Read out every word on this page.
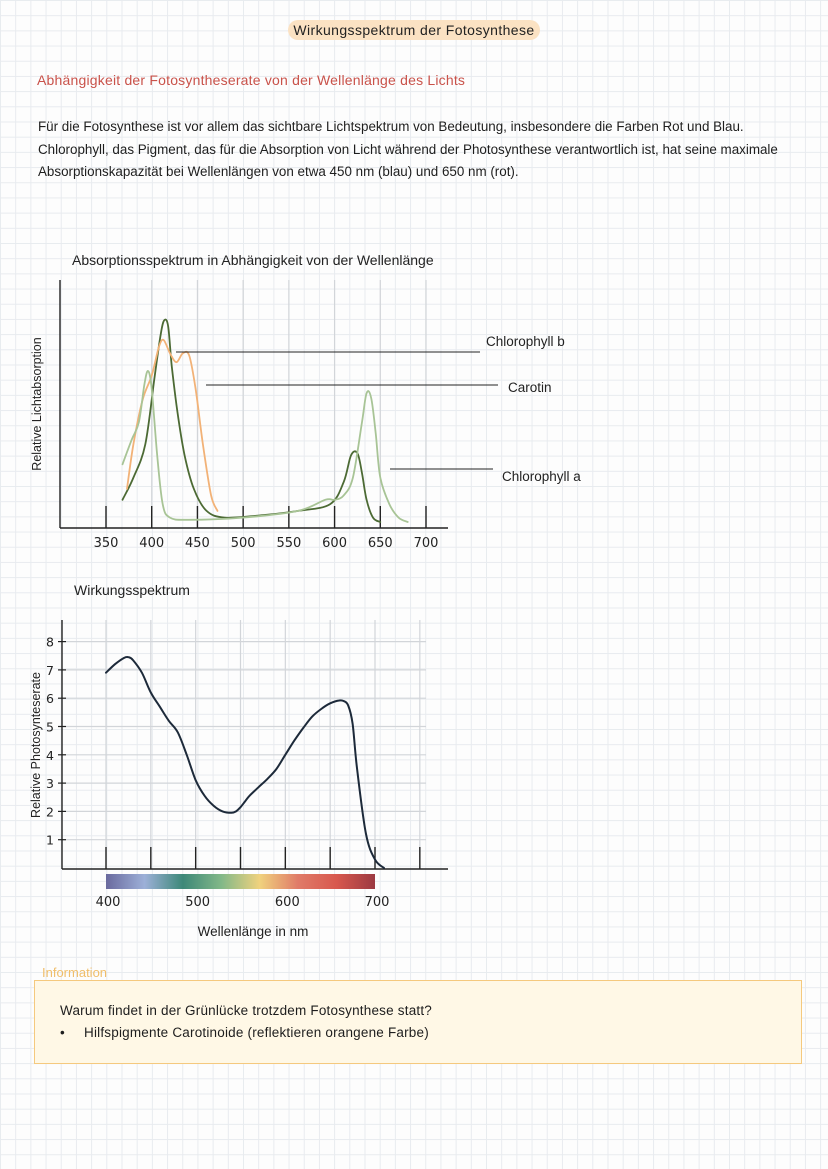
Wirkungsspektrum der Fotosynthese
Abhängigkeit der Fotosyntheserate von der Wellenlänge des Lichts
Für die Fotosynthese ist vor allem das sichtbare Lichtspektrum von Bedeutung, insbesondere die Farben Rot und Blau. Chlorophyll, das Pigment, das für die Absorption von Licht während der Photosynthese verantwortlich ist, hat seine maximale Absorptionskapazität bei Wellenlängen von etwa 450 nm (blau) und 650 nm (rot).
Absorptionsspektrum in Abhängigkeit von der Wellenlänge
Wirkungsspektrum
350 400 450 500 550 600 650 700
Relative Lichtabsorption	Chlorophyll b
Carotin
Chlorophyll a
1
2
3
4
5
6
7
8
400	500	600	700
Wellenlänge in nm
Relative Photosynteserate
Information
Warum findet in der Grünlücke trotzdem Fotosynthese statt?
• Hilfspigmente Carotinoide (reflektieren orangene Farbe)
